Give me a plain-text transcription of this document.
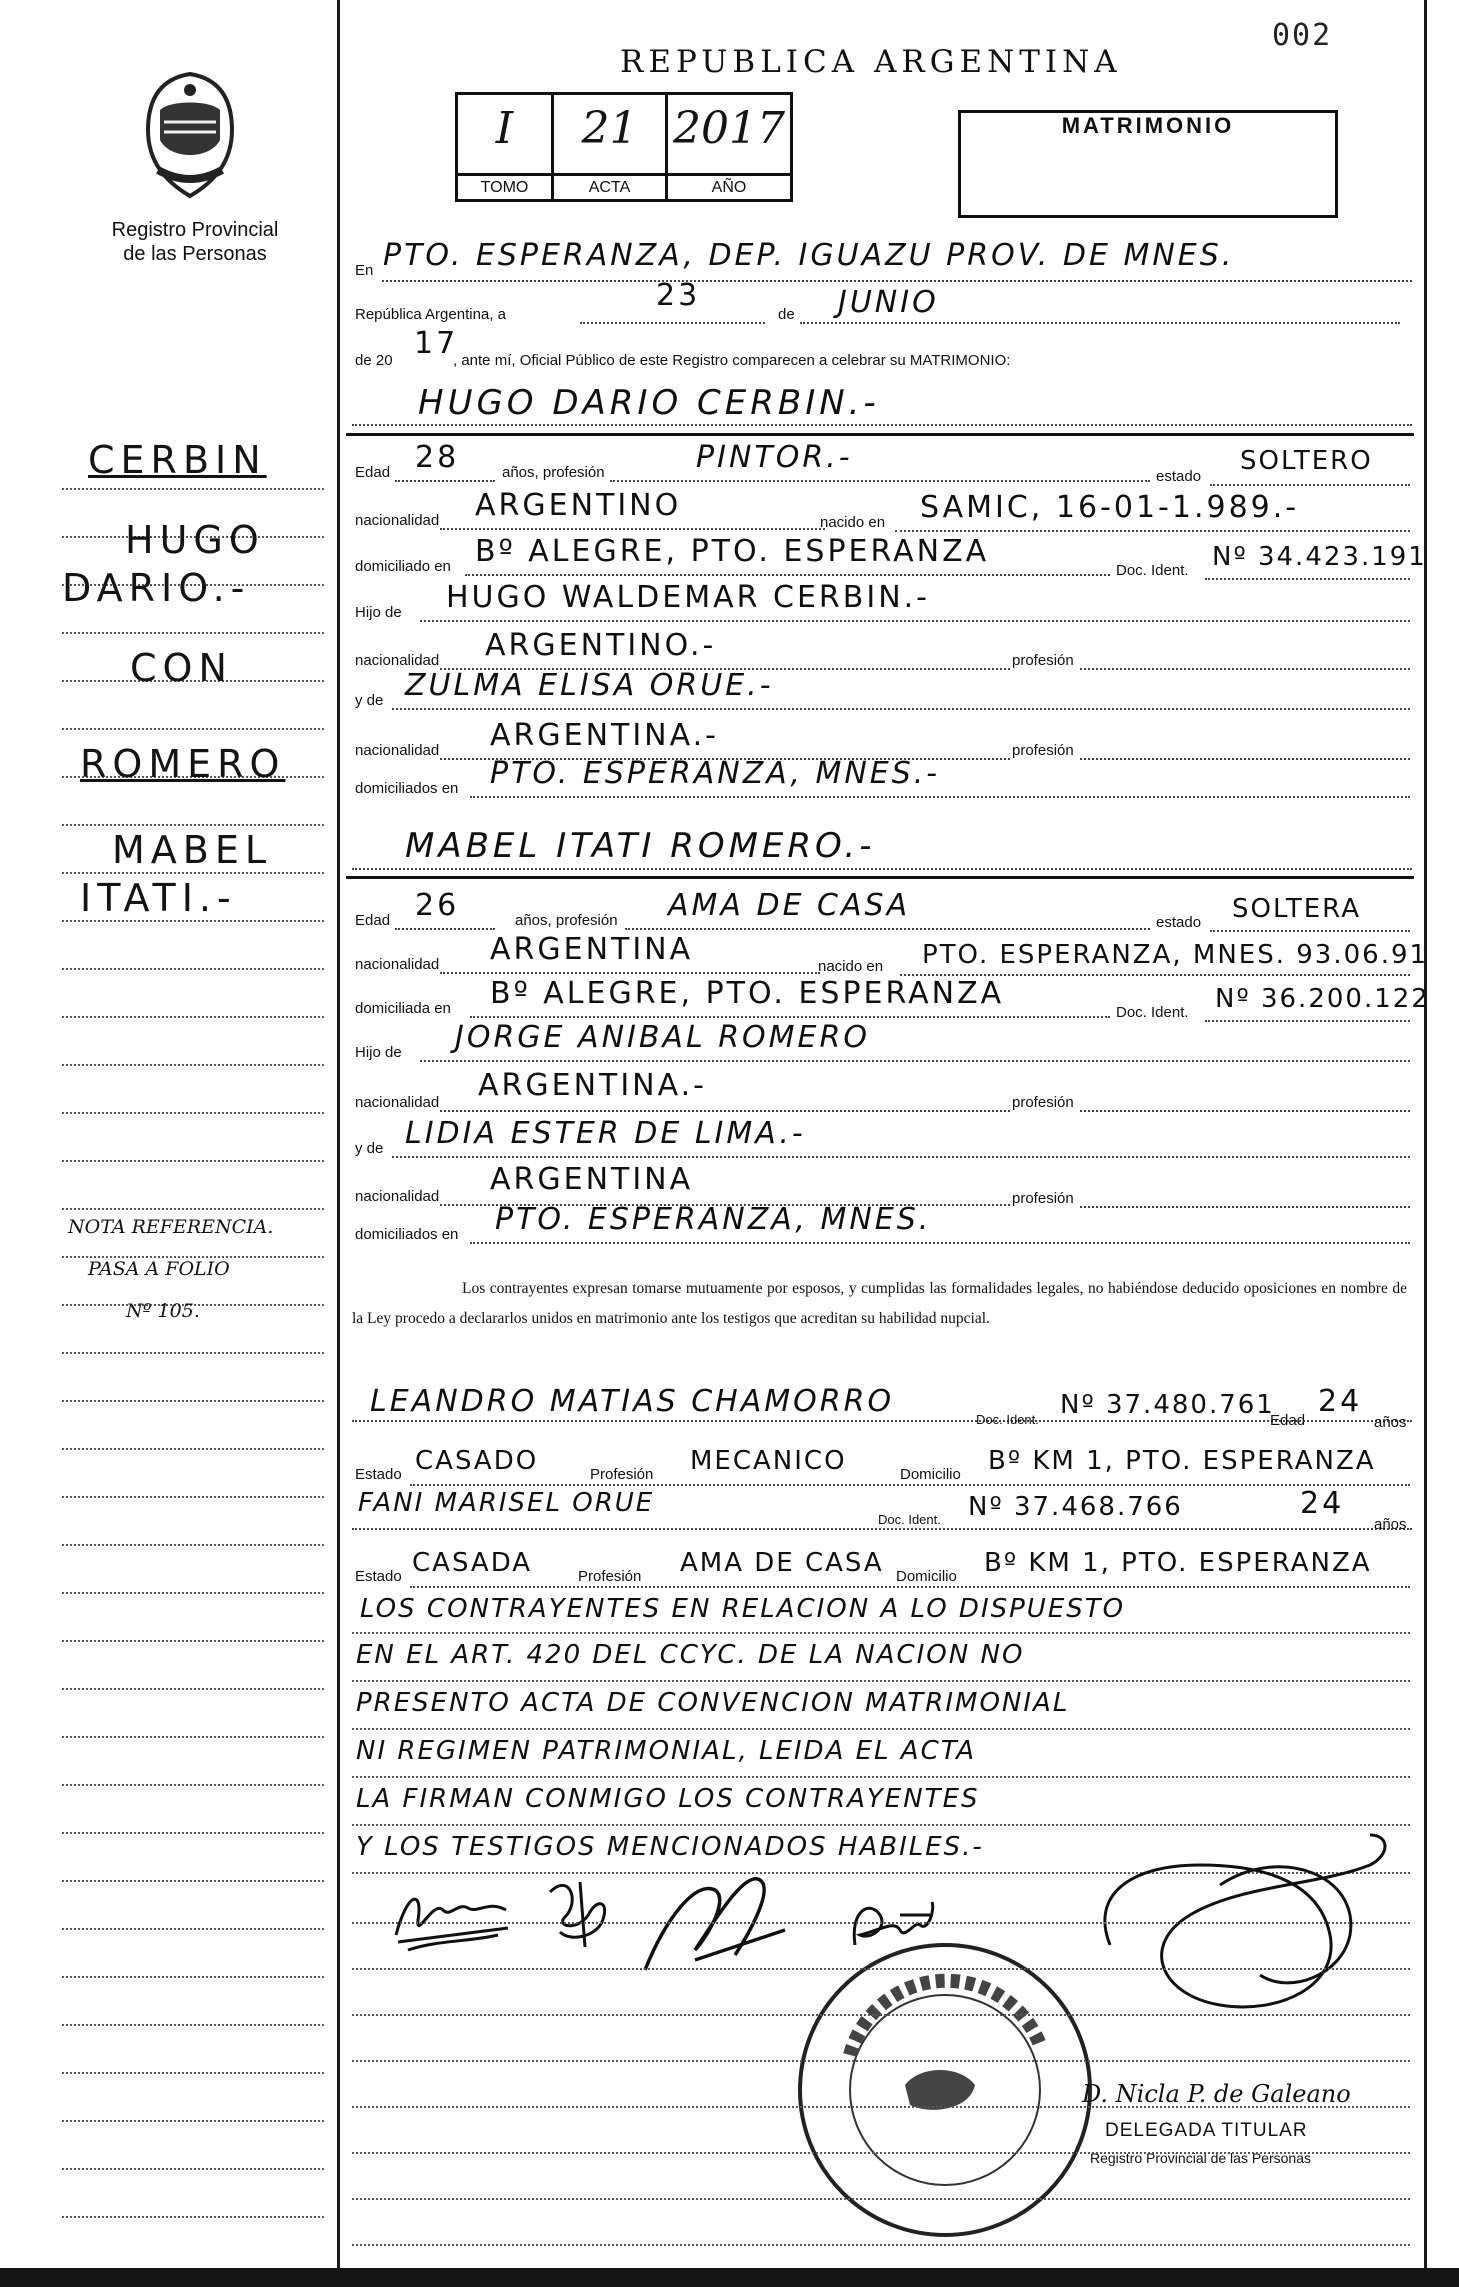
002
REPUBLICA ARGENTINA
Registro Provincial
de las Personas
I
TOMO
21
ACTA
2017
AÑO
MATRIMONIO
CERBIN
HUGO
DARIO.-
CON
ROMERO
MABEL
ITATI.-
NOTA REFERENCIA.
PASA A FOLIO
Nº 105.
En PTO. ESPERANZA, DEP. IGUAZU PROV. DE MNES.
República Argentina, a
23
de JUNIO
de 20 17
, ante mí, Oficial Público de este Registro comparecen a celebrar su MATRIMONIO:
HUGO DARIO CERBIN.-
Edad 28	años, profesión	PINTOR.-
estado
SOLTERO
nacionalidad ARGENTINO	nacido en SAMIC, 16-01-1.989.-
domiciliado en Bº ALEGRE, PTO. ESPERANZA
Doc. Ident. Nº 34.423.191
Hijo de HUGO WALDEMAR CERBIN.-
nacionalidad ARGENTINO.-	profesión
y de ZULMA ELISA ORUE.-
nacionalidad ARGENTINA.-	profesión
domiciliados en PTO. ESPERANZA, MNES.-
MABEL ITATI ROMERO.-
Edad 26	años, profesión AMA DE CASA	estado SOLTERA
nacionalidad ARGENTINA	nacido en PTO. ESPERANZA, MNES. 93.06.91
domiciliada en Bº ALEGRE, PTO. ESPERANZA
Doc. Ident. Nº 36.200.122
Hijo de JORGE ANIBAL ROMERO
nacionalidad ARGENTINA.-	profesión
y de LIDIA ESTER DE LIMA.-
nacionalidad ARGENTINA
profesión
domiciliados en PTO. ESPERANZA, MNES.
Los contrayentes expresan tomarse mutuamente por esposos, y cumplidas las formalidades legales, no habiéndose deducido oposiciones en nombre de la Ley procedo a declararlos unidos en matrimonio ante los testigos que acreditan su habilidad nupcial.
LEANDRO MATIAS CHAMORRO
Doc. Ident. Nº 37.480.761
Edad
24
años
Estado CASADO	Profesión MECANICO	Domicilio Bº KM 1, PTO. ESPERANZA
FANI MARISEL ORUE
Doc. Ident. Nº 37.468.766	24
años
Estado CASADA	Profesión AMA DE CASA Domicilio Bº KM 1, PTO. ESPERANZA
LOS CONTRAYENTES EN RELACION A LO DISPUESTO
EN EL ART. 420 DEL CCYC. DE LA NACION NO
PRESENTO ACTA DE CONVENCION MATRIMONIAL
NI REGIMEN PATRIMONIAL, LEIDA EL ACTA
LA FIRMAN CONMIGO LOS CONTRAYENTES
Y LOS TESTIGOS MENCIONADOS HABILES.-
D. Nicla P. de Galeano
DELEGADA TITULAR
Registro Provincial de las Personas
